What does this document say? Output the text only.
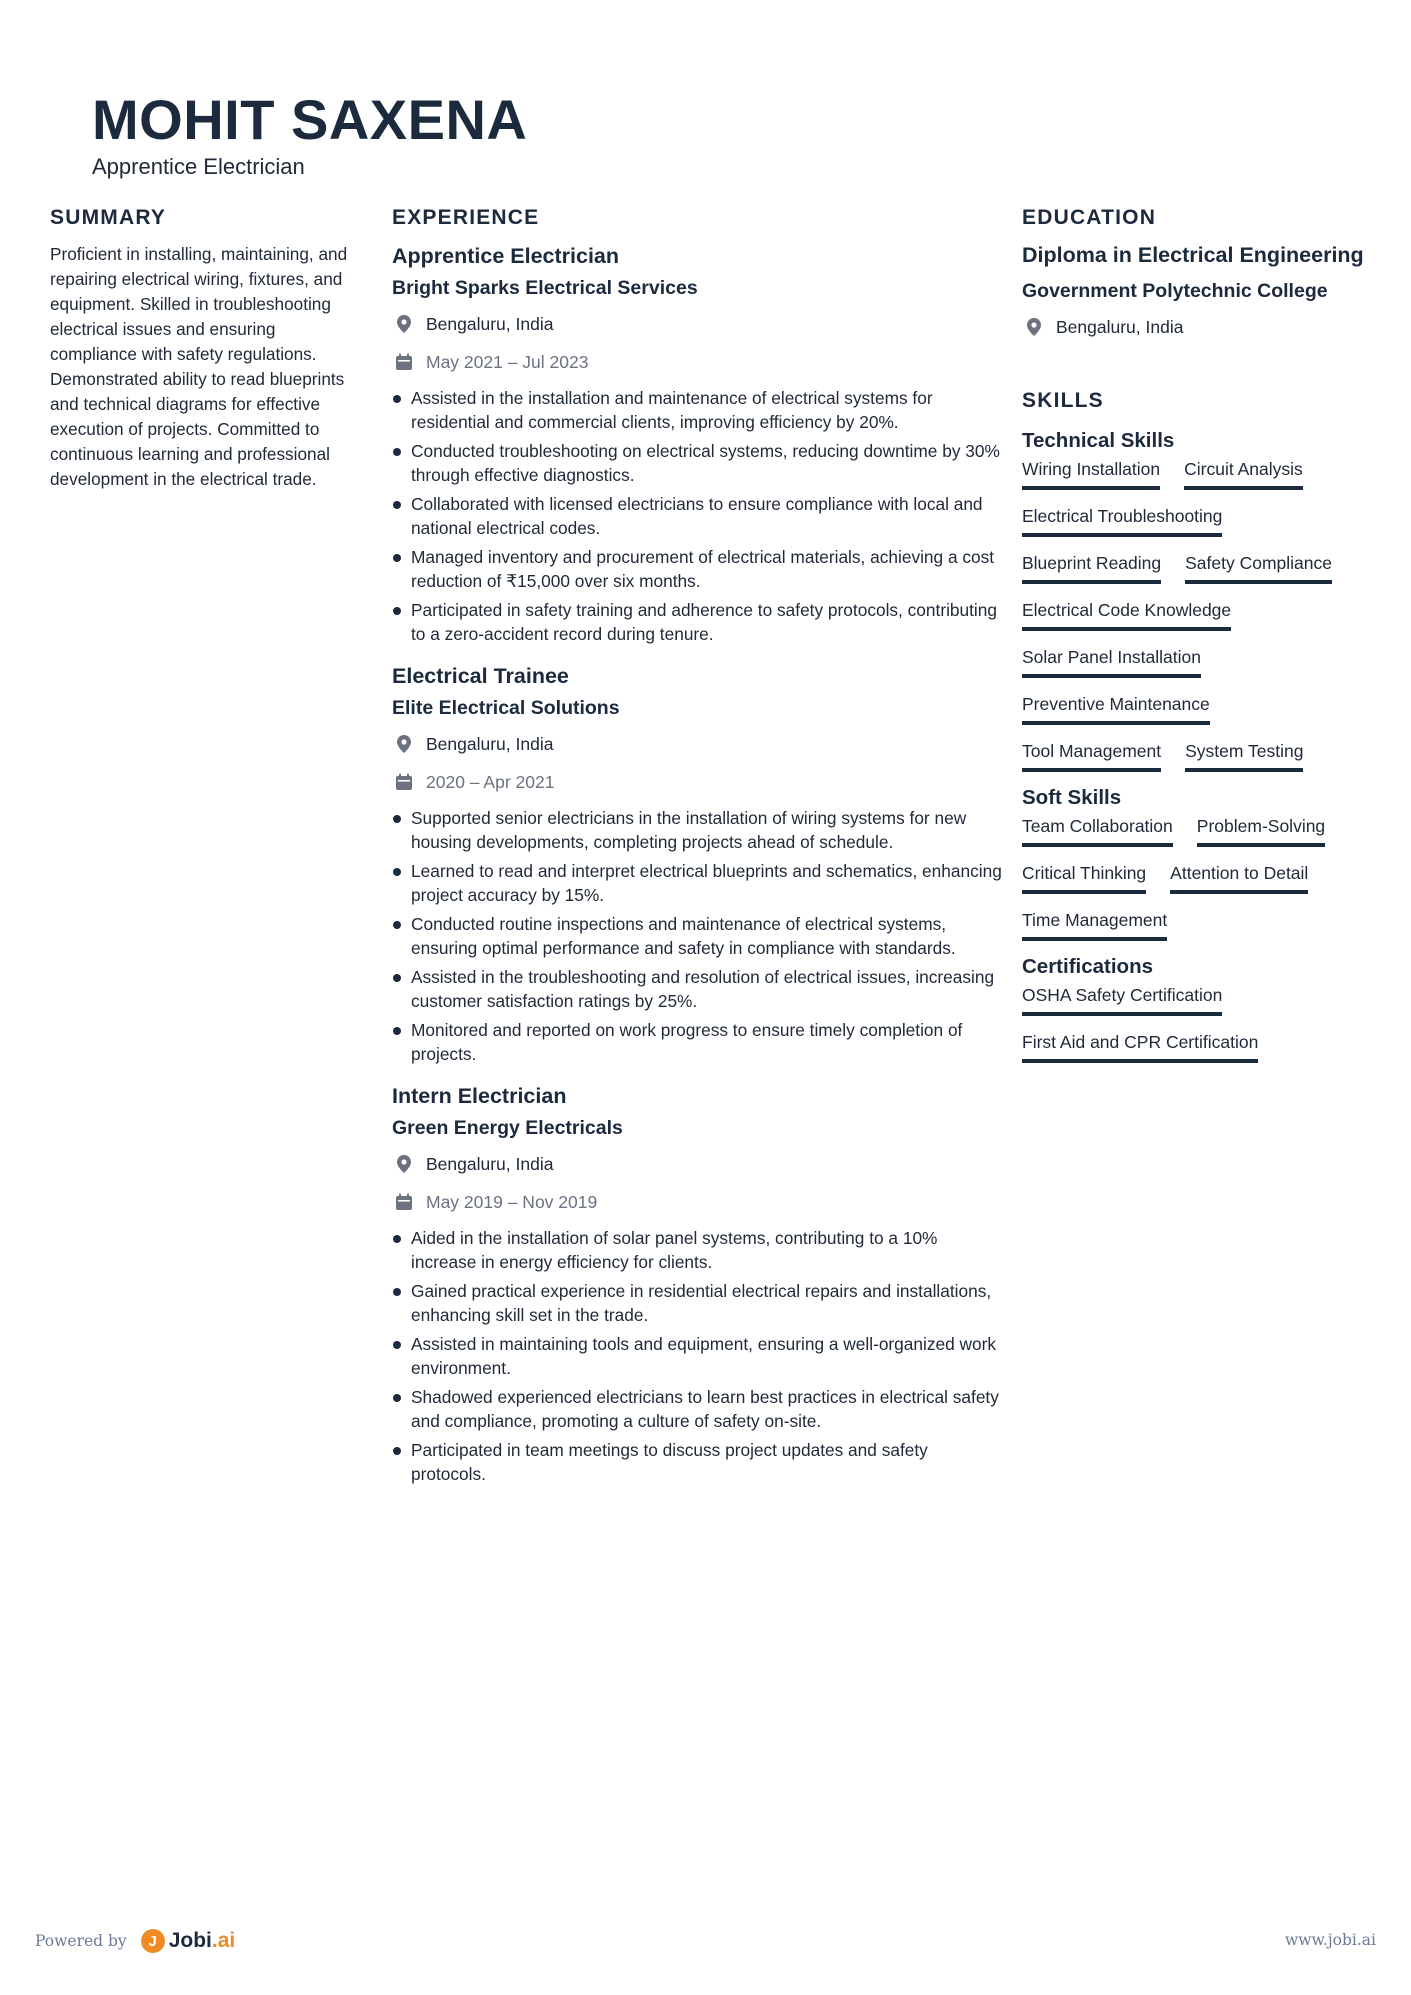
MOHIT SAXENA
Apprentice Electrician
SUMMARY

Proficient in installing, maintaining, and repairing electrical wiring, fixtures, and equipment. Skilled in troubleshooting electrical issues and ensuring compliance with safety regulations. Demonstrated ability to read blueprints and technical diagrams for effective execution of projects. Committed to continuous learning and professional development in the electrical trade.

EXPERIENCE
Apprentice Electrician
Bright Sparks Electrical Services
Bengaluru, India
May 2021 – Jul 2023
Assisted in the installation and maintenance of electrical systems for residential and commercial clients, improving efficiency by 20%.
Conducted troubleshooting on electrical systems, reducing downtime by 30% through effective diagnostics.
Collaborated with licensed electricians to ensure compliance with local and national electrical codes.
Managed inventory and procurement of electrical materials, achieving a cost reduction of ₹15,000 over six months.
Participated in safety training and adherence to safety protocols, contributing to a zero-accident record during tenure.
Electrical Trainee
Elite Electrical Solutions
Bengaluru, India
2020 – Apr 2021
Supported senior electricians in the installation of wiring systems for new housing developments, completing projects ahead of schedule.
Learned to read and interpret electrical blueprints and schematics, enhancing project accuracy by 15%.
Conducted routine inspections and maintenance of electrical systems, ensuring optimal performance and safety in compliance with standards.
Assisted in the troubleshooting and resolution of electrical issues, increasing customer satisfaction ratings by 25%.
Monitored and reported on work progress to ensure timely completion of projects.
Intern Electrician
Green Energy Electricals
Bengaluru, India
May 2019 – Nov 2019
Aided in the installation of solar panel systems, contributing to a 10% increase in energy efficiency for clients.
Gained practical experience in residential electrical repairs and installations, enhancing skill set in the trade.
Assisted in maintaining tools and equipment, ensuring a well-organized work environment.
Shadowed experienced electricians to learn best practices in electrical safety and compliance, promoting a culture of safety on-site.
Participated in team meetings to discuss project updates and safety protocols.
EDUCATION
Diploma in Electrical Engineering
Government Polytechnic College
Bengaluru, India
SKILLS
Technical Skills
Wiring Installation Circuit Analysis
Electrical Troubleshooting
Blueprint Reading Safety Compliance
Electrical Code Knowledge
Solar Panel Installation
Preventive Maintenance
Tool Management System Testing
Soft Skills
Team Collaboration Problem-Solving
Critical Thinking Attention to Detail
Time Management
Certifications
OSHA Safety Certification
First Aid and CPR Certification
Powered by	J Jobi.ai	www.jobi.ai
